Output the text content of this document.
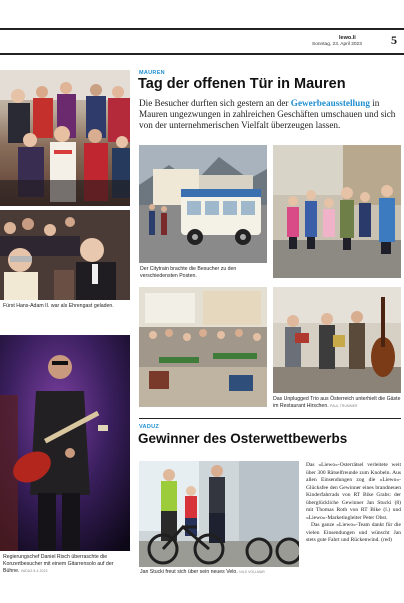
lewo.li
Sonntag, 23. April 2023 5
Fürst Hans-Adam II. war als Ehrengast geladen.
Regierungschef Daniel Risch überraschte die Konzertbesucher mit einem Gitarrensolo auf der Bühne. VADUZ 8.4.2023
MAUREN
Tag der offenen Tür in Mauren
Die Besucher durften sich gestern an der Gewerbeausstellung in Mauren ungezwungen in zahlreichen Geschäften umschauen und sich von der unternehmerischen Vielfalt überzeugen lassen.
Der Citytrain brachte die Besucher zu den verschiedensten Posten.
Das Unplugged Trio aus Österreich unterhielt die Gäste im Restaurant Hirschen. PAUL TRUMMER
VADUZ
Gewinner des Osterwettbewerbs
Jan Stucki freut sich über sein neues Velo. NILS VOLLMAR

Das «Liewo»-Osterrätsel verleitete weit über 300 Rätselfreunde zum Knobeln. Aus allen Einsendungen zog die «Liewo»-Glücksfee den Gewinner eines brandneuen Kinderfahrrads von RT Bike Grabs: der überglückliche Gewinner Jan Stucki (8) mit Thomas Roth von RT Bike (l.) und «Liewo»-Marketingleiter Peter Obst.

Das ganze «Liewo»-Team dankt für die vielen Einsendungen und wünscht Jan stets gute Fahrt und Rückenwind. (red)
